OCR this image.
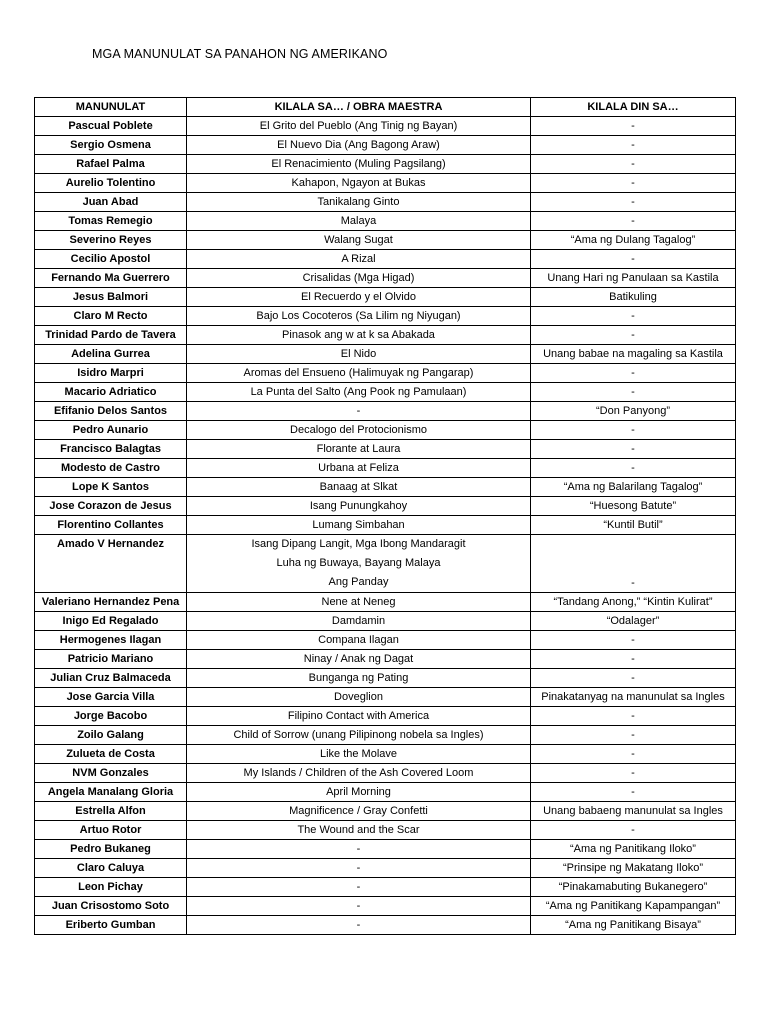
MGA MANUNULAT SA PANAHON NG AMERIKANO
MANUNULAT	KILALA SA… / OBRA MAESTRA	KILALA DIN SA…
Pascual Poblete	El Grito del Pueblo (Ang Tinig ng Bayan)	-
Sergio Osmena	El Nuevo Dia (Ang Bagong Araw)	-
Rafael Palma	El Renacimiento (Muling Pagsilang)	-
Aurelio Tolentino	Kahapon, Ngayon at Bukas	-
Juan Abad	Tanikalang Ginto	-
Tomas Remegio	Malaya	-
Severino Reyes	Walang Sugat	“Ama ng Dulang Tagalog”
Cecilio Apostol	A Rizal	-
Fernando Ma Guerrero	Crisalidas (Mga Higad)	Unang Hari ng Panulaan sa Kastila
Jesus Balmori	El Recuerdo y el Olvido	Batikuling
Claro M Recto	Bajo Los Cocoteros (Sa Lilim ng Niyugan)	-
Trinidad Pardo de Tavera	Pinasok ang w at k sa Abakada	-
Adelina Gurrea	El Nido	Unang babae na magaling sa Kastila
Isidro Marpri	Aromas del Ensueno (Halimuyak ng Pangarap)	-
Macario Adriatico	La Punta del Salto (Ang Pook ng Pamulaan)	-
Efifanio Delos Santos	-	“Don Panyong”
Pedro Aunario	Decalogo del Protocionismo	-
Francisco Balagtas	Florante at Laura	-
Modesto de Castro	Urbana at Feliza	-
Lope K Santos	Banaag at Slkat	“Ama ng Balarilang Tagalog”
Jose Corazon de Jesus	Isang Punungkahoy	“Huesong Batute”
Florentino Collantes	Lumang Simbahan	“Kuntil Butil”
Amado V Hernandez	Isang Dipang Langit, Mga Ibong Mandaragit
Luha ng Buwaya, Bayang Malaya
Ang Panday	-
Valeriano Hernandez Pena	Nene at Neneg	“Tandang Anong,” “Kintin Kulirat”
Inigo Ed Regalado	Damdamin	“Odalager”
Hermogenes Ilagan	Compana Ilagan	-
Patricio Mariano	Ninay / Anak ng Dagat	-
Julian Cruz Balmaceda	Bunganga ng Pating	-
Jose Garcia Villa	Doveglion	Pinakatanyag na manunulat sa Ingles
Jorge Bacobo	Filipino Contact with America	-
Zoilo Galang	Child of Sorrow (unang Pilipinong nobela sa Ingles)	-
Zulueta de Costa	Like the Molave	-
NVM Gonzales	My Islands / Children of the Ash Covered Loom	-
Angela Manalang Gloria	April Morning	-
Estrella Alfon	Magnificence / Gray Confetti	Unang babaeng manunulat sa Ingles
Artuo Rotor	The Wound and the Scar	-
Pedro Bukaneg	-	“Ama ng Panitikang Iloko”
Claro Caluya	-	“Prinsipe ng Makatang Iloko”
Leon Pichay	-	“Pinakamabuting Bukanegero”
Juan Crisostomo Soto	-	“Ama ng Panitikang Kapampangan”
Eriberto Gumban	-	“Ama ng Panitikang Bisaya”
